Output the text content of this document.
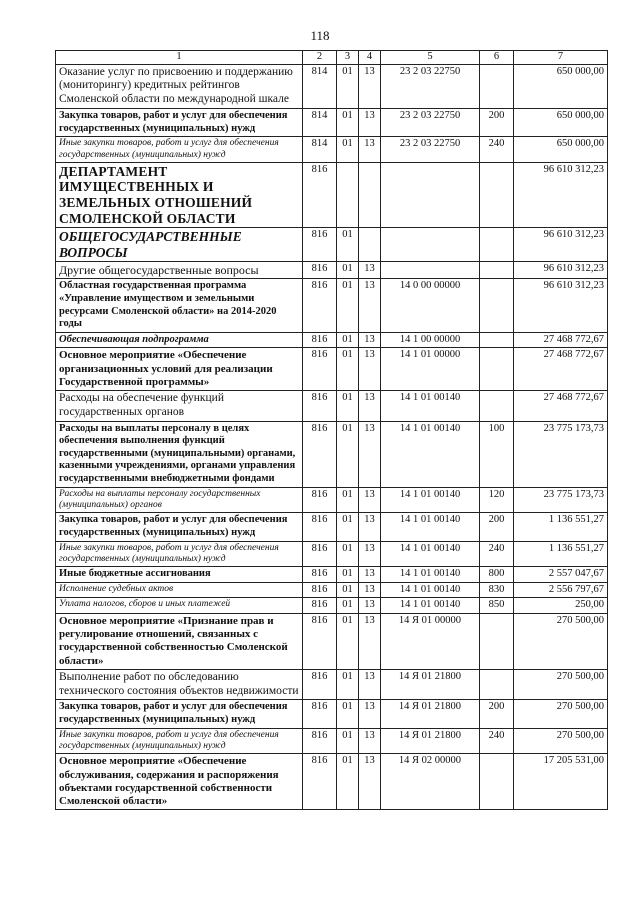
118
1	2	3	4	5	6	7
Оказание услуг по присвоению и поддержанию (мониторингу) кредитных рейтингов Смоленской области по международной шкале	814	01	13	23 2 03 22750		650 000,00
Закупка товаров, работ и услуг для обеспечения государственных (муниципальных) нужд	814	01	13	23 2 03 22750	200	650 000,00
Иные закупки товаров, работ и услуг для обеспечения государственных (муниципальных) нужд	814	01	13	23 2 03 22750	240	650 000,00
ДЕПАРТАМЕНТ ИМУЩЕСТВЕННЫХ И ЗЕМЕЛЬНЫХ ОТНОШЕНИЙ СМОЛЕНСКОЙ ОБЛАСТИ	816					96 610 312,23
ОБЩЕГОСУДАРСТВЕННЫЕ ВОПРОСЫ	816	01				96 610 312,23
Другие общегосударственные вопросы	816	01	13			96 610 312,23
Областная государственная программа «Управление имуществом и земельными ресурсами Смоленской области» на 2014-2020 годы	816	01	13	14 0 00 00000		96 610 312,23
Обеспечивающая подпрограмма	816	01	13	14 1 00 00000		27 468 772,67
Основное мероприятие «Обеспечение организационных условий для реализации Государственной программы»	816	01	13	14 1 01 00000		27 468 772,67
Расходы на обеспечение функций государственных органов	816	01	13	14 1 01 00140		27 468 772,67
Расходы на выплаты персоналу в целях обеспечения выполнения функций государственными (муниципальными) органами, казенными учреждениями, органами управления государственными внебюджетными фондами	816	01	13	14 1 01 00140	100	23 775 173,73
Расходы на выплаты персоналу государственных (муниципальных) органов	816	01	13	14 1 01 00140	120	23 775 173,73
Закупка товаров, работ и услуг для обеспечения государственных (муниципальных) нужд	816	01	13	14 1 01 00140	200	1 136 551,27
Иные закупки товаров, работ и услуг для обеспечения государственных (муниципальных) нужд	816	01	13	14 1 01 00140	240	1 136 551,27
Иные бюджетные ассигнования	816	01	13	14 1 01 00140	800	2 557 047,67
Исполнение судебных актов	816	01	13	14 1 01 00140	830	2 556 797,67
Уплата налогов, сборов и иных платежей	816	01	13	14 1 01 00140	850	250,00
Основное мероприятие «Признание прав и регулирование отношений, связанных с государственной собственностью Смоленской области»	816	01	13	14 Я 01 00000		270 500,00
Выполнение работ по обследованию технического состояния объектов недвижимости	816	01	13	14 Я 01 21800		270 500,00
Закупка товаров, работ и услуг для обеспечения государственных (муниципальных) нужд	816	01	13	14 Я 01 21800	200	270 500,00
Иные закупки товаров, работ и услуг для обеспечения государственных (муниципальных) нужд	816	01	13	14 Я 01 21800	240	270 500,00
Основное мероприятие «Обеспечение обслуживания, содержания и распоряжения объектами государственной собственности Смоленской области»	816	01	13	14 Я 02 00000		17 205 531,00
